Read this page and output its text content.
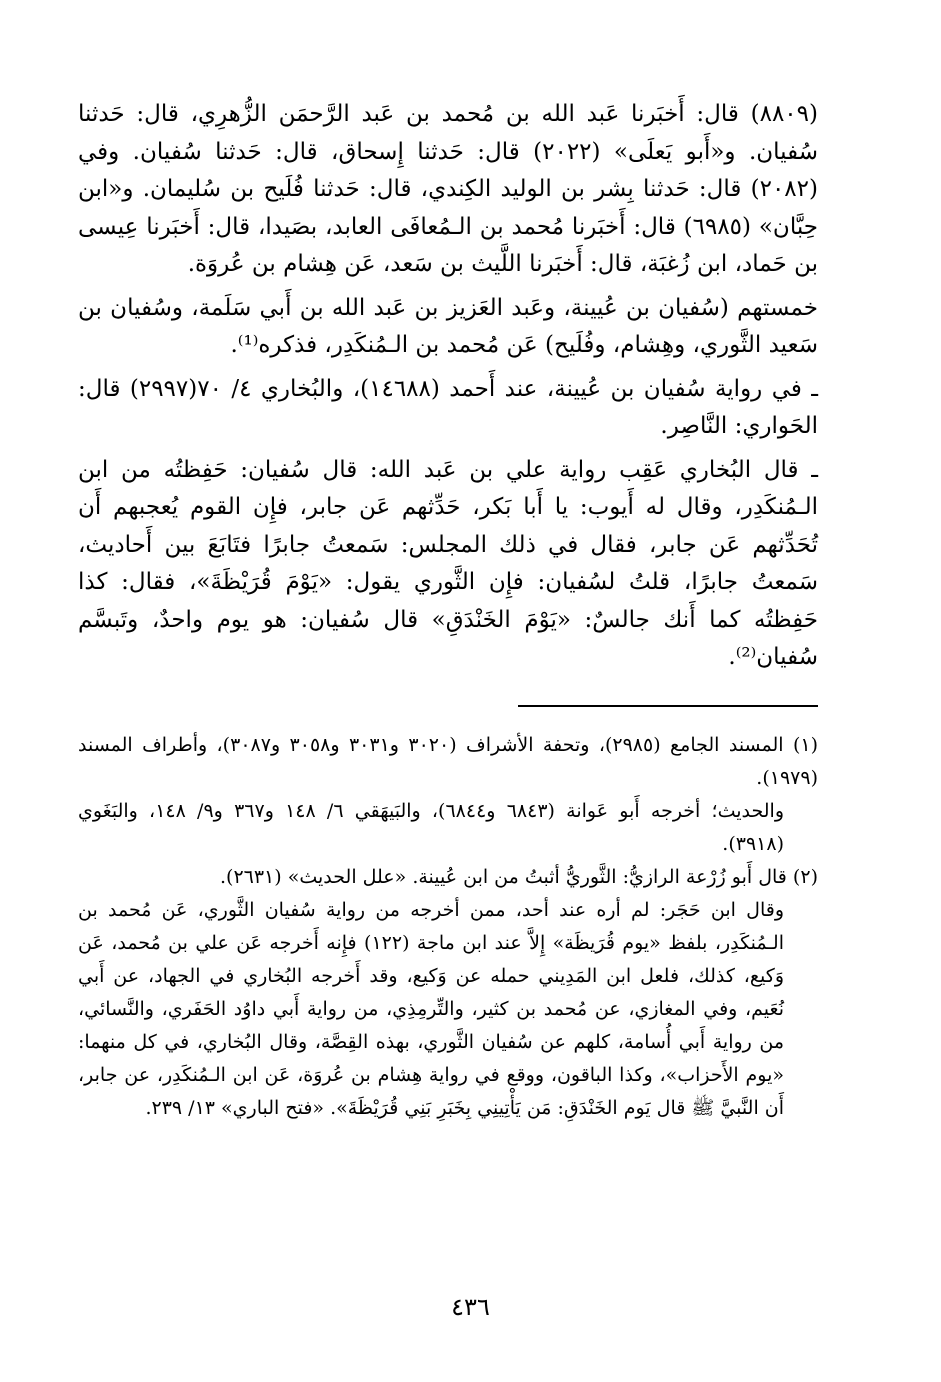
(٨٨٠٩) قال: أَخبَرنا عَبد الله بن مُحمد بن عَبد الرَّحمَن الزُّهرِي، قال: حَدثنا سُفيان. و«أَبو يَعلَى» (٢٠٢٢) قال: حَدثنا إِسحاق، قال: حَدثنا سُفيان. وفي (٢٠٨٢) قال: حَدثنا بِشر بن الوليد الكِندي، قال: حَدثنا فُلَيح بن سُليمان. و«ابن حِبَّان» (٦٩٨٥) قال: أَخبَرنا مُحمد بن الـمُعافَى العابد، بصَيدا، قال: أَخبَرنا عِيسى بن حَماد، ابن زُغبَة، قال: أَخبَرنا اللَّيث بن سَعد، عَن هِشام بن عُروَة.

خمستهم (سُفيان بن عُيينة، وعَبد العَزيز بن عَبد الله بن أَبي سَلَمة، وسُفيان بن سَعيد الثَّوري، وهِشام، وفُلَيح) عَن مُحمد بن الـمُنكَدِر، فذكره⁽¹⁾.

ـ في رواية سُفيان بن عُيينة، عند أَحمد (١٤٦٨٨)، والبُخاري ٤/ ٧٠(٢٩٩٧) قال: الحَواري: النَّاصِر.

ـ قال البُخاري عَقِب رواية علي بن عَبد الله: قال سُفيان: حَفِظتُه من ابن الـمُنكَدِر، وقال له أَيوب: يا أَبا بَكر، حَدِّثهم عَن جابر، فإِن القوم يُعجبهم أَن تُحَدِّثهم عَن جابر، فقال في ذلك المجلس: سَمعتُ جابرًا فتَابَعَ بين أَحاديث، سَمعتُ جابرًا، قلتُ لسُفيان: فإِن الثَّوري يقول: «يَوْمَ قُرَيْظَةَ»، فقال: كذا حَفِظتُه كما أَنك جالسٌ: «يَوْمَ الخَنْدَقِ» قال سُفيان: هو يوم واحدٌ، وتَبسَّم سُفيان⁽²⁾.

(١) المسند الجامع (٢٩٨٥)، وتحفة الأشراف (٣٠٢٠ و٣٠٣١ و٣٠٥٨ و٣٠٨٧)، وأطراف المسند (١٩٧٩).

والحديث؛ أخرجه أَبو عَوانة (٦٨٤٣ و٦٨٤٤)، والبَيهَقي ٦/ ١٤٨ و٣٦٧ و٩/ ١٤٨، والبَغَوي (٣٩١٨).

(٢) قال أَبو زُرْعة الرازيُّ: الثَّوريُّ أثبتُ من ابن عُيينة. «علل الحديث» (٢٦٣١).

وقال ابن حَجَر: لم أره عند أحد، ممن أخرجه من رواية سُفيان الثَّوري، عَن مُحمد بن الـمُنكَدِر، بلفظ «يوم قُرَيظَة» إِلاَّ عند ابن ماجة (١٢٢) فإِنه أَخرجه عَن علي بن مُحمد، عَن وَكيع، كذلك، فلعل ابن المَدِيني حمله عن وَكيع، وقد أَخرجه البُخاري في الجهاد، عن أَبي نُعَيم، وفي المغازي، عن مُحمد بن كثير، والتِّرمِذِي، من رواية أَبي داوُد الحَفَري، والنَّسائي، من رواية أَبي أُسامة، كلهم عن سُفيان الثَّوري، بهذه القِصَّة، وقال البُخاري، في كل منهما: «يوم الأَحزاب»، وكذا الباقون، ووقع في رواية هِشام بن عُروَة، عَن ابن الـمُنكَدِر، عن جابر، أَن النَّبيَّ ﷺ قال يَوم الخَنْدَقِ: مَن يَأْتِينِي بِخَبَرِ بَنِي قُرَيْظَةَ». «فتح الباري» ١٣/ ٢٣٩.

٤٣٦
